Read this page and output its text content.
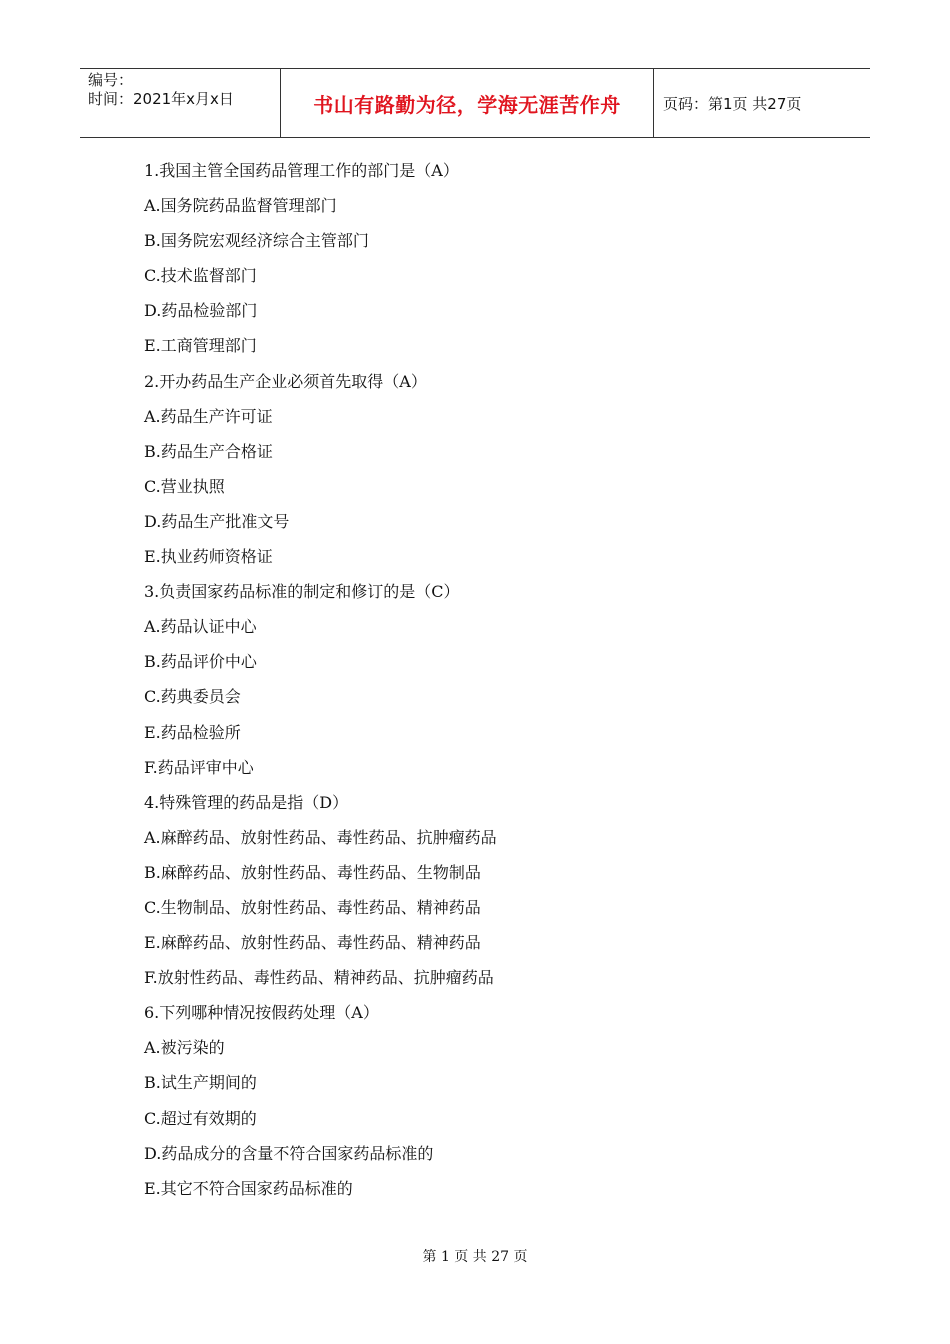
编号：
时间：2021年x月x日	书山有路勤为径，学海无涯苦作舟	页码：第1页 共27页
1.我国主管全国药品管理工作的部门是（A）
A.国务院药品监督管理部门
B.国务院宏观经济综合主管部门
C.技术监督部门
D.药品检验部门
E.工商管理部门
2.开办药品生产企业必须首先取得（A）
A.药品生产许可证
B.药品生产合格证
C.营业执照
D.药品生产批准文号
E.执业药师资格证
3.负责国家药品标准的制定和修订的是（C）
A.药品认证中心
B.药品评价中心
C.药典委员会
E.药品检验所
F.药品评审中心
4.特殊管理的药品是指（D）
A.麻醉药品、放射性药品、毒性药品、抗肿瘤药品
B.麻醉药品、放射性药品、毒性药品、生物制品
C.生物制品、放射性药品、毒性药品、精神药品
E.麻醉药品、放射性药品、毒性药品、精神药品
F.放射性药品、毒性药品、精神药品、抗肿瘤药品
6.下列哪种情况按假药处理（A）
A.被污染的
B.试生产期间的
C.超过有效期的
D.药品成分的含量不符合国家药品标准的
E.其它不符合国家药品标准的
第 1 页 共 27 页
